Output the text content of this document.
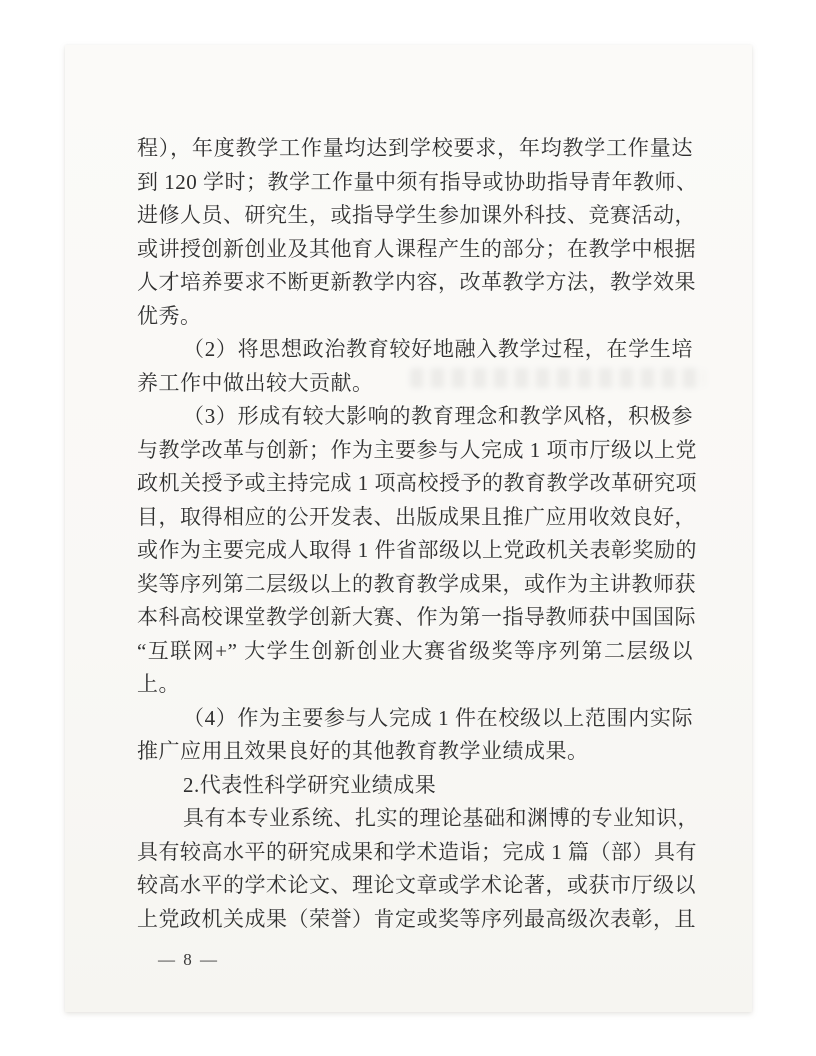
程），年度教学工作量均达到学校要求，年均教学工作量达
到 120 学时；教学工作量中须有指导或协助指导青年教师、
进修人员、研究生，或指导学生参加课外科技、竞赛活动，
或讲授创新创业及其他育人课程产生的部分；在教学中根据
人才培养要求不断更新教学内容，改革教学方法，教学效果
优秀。
（2）将思想政治教育较好地融入教学过程，在学生培
养工作中做出较大贡献。
（3）形成有较大影响的教育理念和教学风格，积极参
与教学改革与创新；作为主要参与人完成 1 项市厅级以上党
政机关授予或主持完成 1 项高校授予的教育教学改革研究项
目，取得相应的公开发表、出版成果且推广应用收效良好，
或作为主要完成人取得 1 件省部级以上党政机关表彰奖励的
奖等序列第二层级以上的教育教学成果，或作为主讲教师获
本科高校课堂教学创新大赛、作为第一指导教师获中国国际
“互联网+” 大学生创新创业大赛省级奖等序列第二层级以
上。
（4）作为主要参与人完成 1 件在校级以上范围内实际
推广应用且效果良好的其他教育教学业绩成果。
2.代表性科学研究业绩成果
具有本专业系统、扎实的理论基础和渊博的专业知识，
具有较高水平的研究成果和学术造诣；完成 1 篇（部）具有
较高水平的学术论文、理论文章或学术论著，或获市厅级以
上党政机关成果（荣誉）肯定或奖等序列最高级次表彰，且
— 8 —
